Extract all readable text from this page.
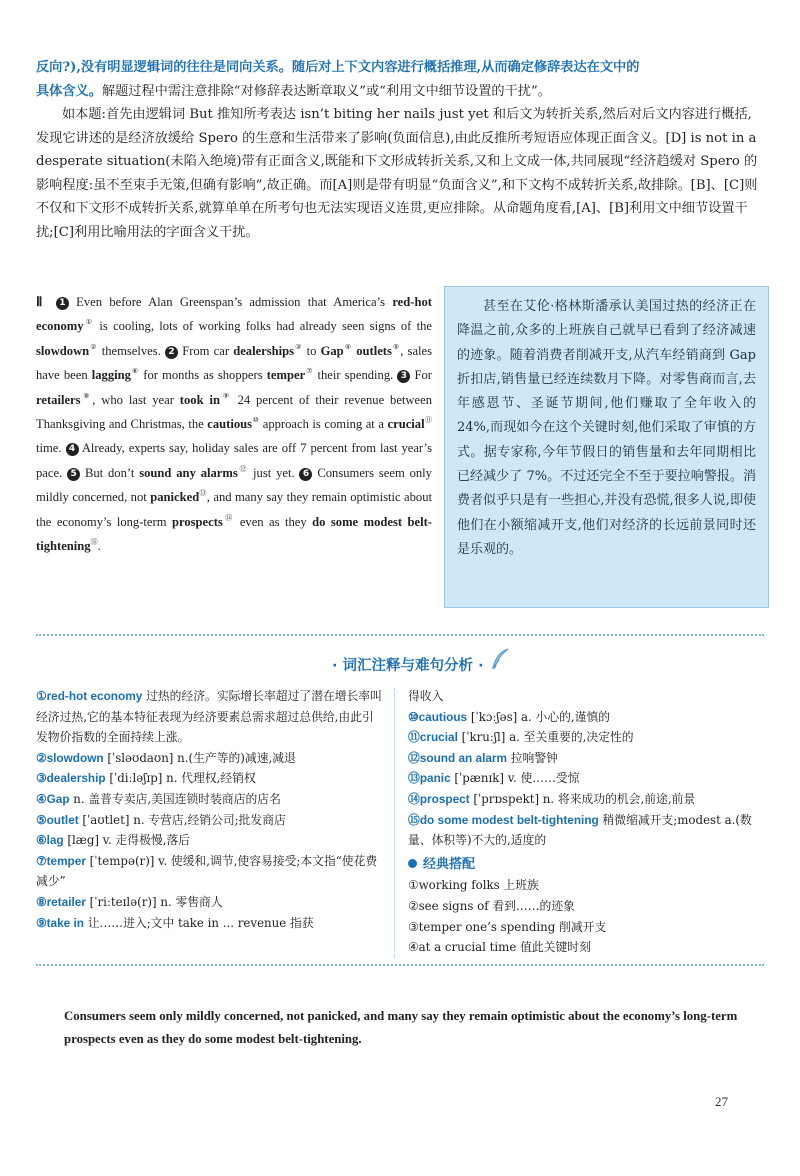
反向?),没有明显逻辑词的往往是同向关系。随后对上下文内容进行概括推理,从而确定修辞表达在文中的

具体含义。解题过程中需注意排除“对修辞表达断章取义”或“利用文中细节设置的干扰”。

如本题:首先由逻辑词 But 推知所考表达 isn’t biting her nails just yet 和后文为转折关系,然后对后文内容进行概括,发现它讲述的是经济放缓给 Spero 的生意和生活带来了影响(负面信息),由此反推所考短语应体现正面含义。[D] is not in a desperate situation(未陷入绝境)带有正面含义,既能和下文形成转折关系,又和上文成一体,共同展现“经济趋缓对 Spero 的影响程度:虽不至束手无策,但确有影响”,故正确。而[A]则是带有明显“负面含义”,和下文构不成转折关系,故排除。[B]、[C]则不仅和下文形不成转折关系,就算单单在所考句也无法实现语义连贯,更应排除。从命题角度看,[A]、[B]利用文中细节设置干扰;[C]利用比喻用法的字面含义干扰。

Ⅱ 1 Even before Alan Greenspan’s admission that America’s red-hot economy① is cooling, lots of working folks had already seen signs of the slowdown② themselves. 2 From car dealerships③ to Gap④ outlets⑤, sales have been lagging⑥ for months as shoppers temper⑦ their spending. 3 For retailers⑧, who last year took in⑨ 24 percent of their revenue between Thanksgiving and Christmas, the cautious⑩ approach is coming at a crucial⑪ time. 4 Already, experts say, holiday sales are off 7 percent from last year’s pace. 5 But don’t sound any alarms⑫ just yet. 6 Consumers seem only mildly concerned, not panicked⑬, and many say they remain optimistic about the economy’s long-term prospects⑭ even as they do some modest belt-tightening⑮.

甚至在艾伦·格林斯潘承认美国过热的经济正在降温之前,众多的上班族自己就早已看到了经济减速的迹象。随着消费者削减开支,从汽车经销商到 Gap 折扣店,销售量已经连续数月下降。对零售商而言,去年感恩节、圣诞节期间,他们赚取了全年收入的 24%,而现如今在这个关键时刻,他们采取了审慎的方式。据专家称,今年节假日的销售量和去年同期相比已经减少了 7%。不过还完全不至于要拉响警报。消费者似乎只是有一些担心,并没有恐慌,很多人说,即使他们在小额缩减开支,他们对经济的长远前景同时还是乐观的。

· 词汇注释与难句分析 ·
①red-hot economy 过热的经济。实际增长率超过了潜在增长率叫经济过热,它的基本特征表现为经济要素总需求超过总供给,由此引发物价指数的全面持续上涨。
②slowdown [ˈsləʊdaʊn] n.(生产等的)减速,减退
③dealership [ˈdiːləʃɪp] n. 代理权,经销权
④Gap n. 盖普专卖店,美国连锁时装商店的店名
⑤outlet [ˈaʊtlet] n. 专营店,经销公司;批发商店
⑥lag [læg] v. 走得极慢,落后
⑦temper [ˈtempə(r)] v. 使缓和,调节,使容易接受;本文指“使花费减少”
⑧retailer [ˈriːteɪlə(r)] n. 零售商人
⑨take in 让……进入;文中 take in ... revenue 指获
得收入
⑩cautious [ˈkɔːʃəs] a. 小心的,谨慎的
⑪crucial [ˈkruːʃl] a. 至关重要的,决定性的
⑫sound an alarm 拉响警钟
⑬panic [ˈpænɪk] v. 使……受惊
⑭prospect [ˈprɒspekt] n. 将来成功的机会,前途,前景
⑮do some modest belt-tightening 稍微缩减开支;modest a.(数量、体积等)不大的,适度的
经典搭配
①working folks 上班族
②see signs of 看到……的迹象
③temper one’s spending 削减开支
④at a crucial time 值此关键时刻
Consumers seem only mildly concerned, not panicked, and many say they remain optimistic about the economy’s long-term prospects even as they do some modest belt-tightening.
27
